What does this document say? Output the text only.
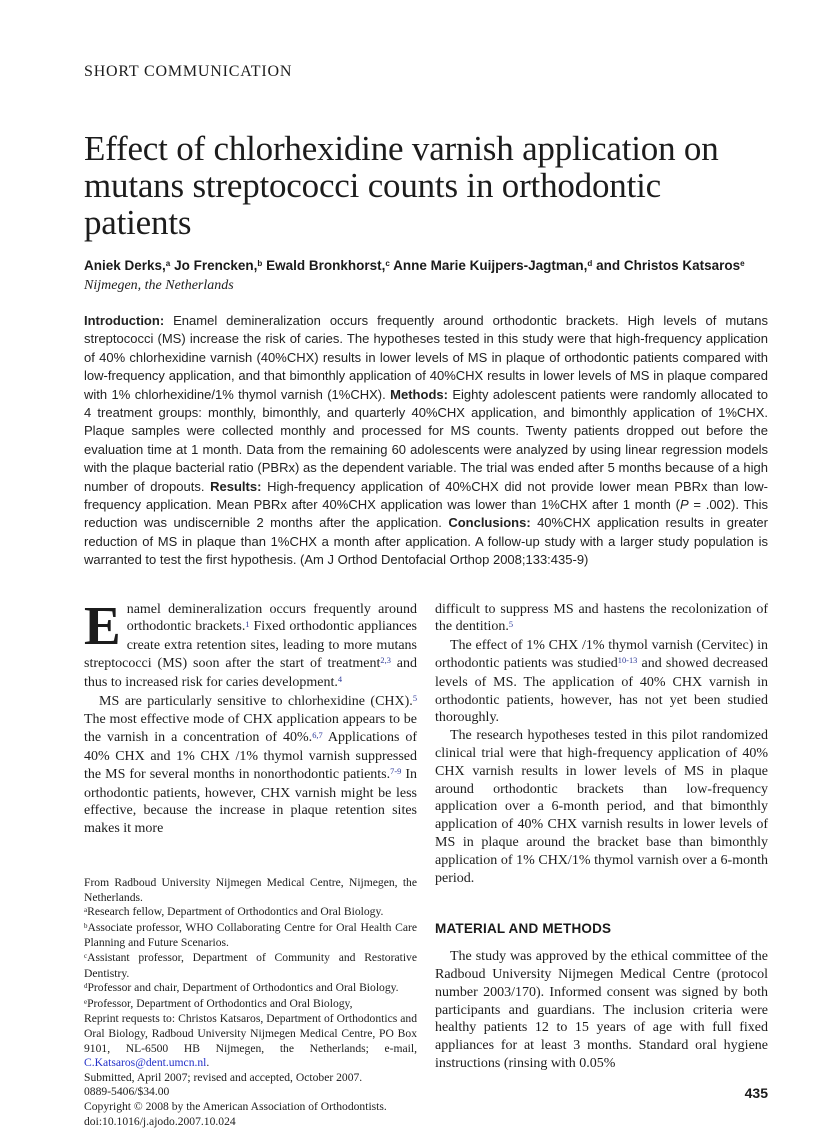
SHORT COMMUNICATION
Effect of chlorhexidine varnish application on mutans streptococci counts in orthodontic patients
Aniek Derks,$^a$ Jo Frencken,$^b$ Ewald Bronkhorst,$^c$ Anne Marie Kuijpers-Jagtman,$^d$ and Christos Katsaros$^e$
Nijmegen, the Netherlands
Introduction: Enamel demineralization occurs frequently around orthodontic brackets. High levels of mutans streptococci (MS) increase the risk of caries. The hypotheses tested in this study were that high-frequency application of 40% chlorhexidine varnish (40%CHX) results in lower levels of MS in plaque of orthodontic patients compared with low-frequency application, and that bimonthly application of 40%CHX results in lower levels of MS in plaque compared with 1% chlorhexidine/1% thymol varnish (1%CHX). Methods: Eighty adolescent patients were randomly allocated to 4 treatment groups: monthly, bimonthly, and quarterly 40%CHX application, and bimonthly application of 1%CHX. Plaque samples were collected monthly and processed for MS counts. Twenty patients dropped out before the evaluation time at 1 month. Data from the remaining 60 adolescents were analyzed by using linear regression models with the plaque bacterial ratio (PBRx) as the dependent variable. The trial was ended after 5 months because of a high number of dropouts. Results: High-frequency application of 40%CHX did not provide lower mean PBRx than low-frequency application. Mean PBRx after 40%CHX application was lower than 1%CHX after 1 month (P = .002). This reduction was undiscernible 2 months after the application. Conclusions: 40%CHX application results in greater reduction of MS in plaque than 1%CHX a month after application. A follow-up study with a larger study population is warranted to test the first hypothesis. (Am J Orthod Dentofacial Orthop 2008;133:435-9)

Enamel demineralization occurs frequently around orthodontic brackets.$^1$ Fixed orthodontic appliances create extra retention sites, leading to more mutans streptococci (MS) soon after the start of treatment$^{2,3}$ and thus to increased risk for caries development.$^4$

MS are particularly sensitive to chlorhexidine (CHX).$^5$ The most effective mode of CHX application appears to be the varnish in a concentration of 40%.$^{6,7}$ Applications of 40% CHX and 1% CHX /1% thymol varnish suppressed the MS for several months in nonorthodontic patients.$^{7-9}$ In orthodontic patients, however, CHX varnish might be less effective, because the increase in plaque retention sites makes it more

From Radboud University Nijmegen Medical Centre, Nijmegen, the Netherlands.

$^a$Research fellow, Department of Orthodontics and Oral Biology.

$^b$Associate professor, WHO Collaborating Centre for Oral Health Care Planning and Future Scenarios.

$^c$Assistant professor, Department of Community and Restorative Dentistry.

$^d$Professor and chair, Department of Orthodontics and Oral Biology.

$^e$Professor, Department of Orthodontics and Oral Biology,

Reprint requests to: Christos Katsaros, Department of Orthodontics and Oral Biology, Radboud University Nijmegen Medical Centre, PO Box 9101, NL-6500 HB Nijmegen, the Netherlands; e-mail, C.Katsaros@dent.umcn.nl.

Submitted, April 2007; revised and accepted, October 2007.

0889-5406/$34.00

Copyright © 2008 by the American Association of Orthodontists.

doi:10.1016/j.ajodo.2007.10.024

difficult to suppress MS and hastens the recolonization of the dentition.$^5$

The effect of 1% CHX /1% thymol varnish (Cervitec) in orthodontic patients was studied$^{10-13}$ and showed decreased levels of MS. The application of 40% CHX varnish in orthodontic patients, however, has not yet been studied thoroughly.

The research hypotheses tested in this pilot randomized clinical trial were that high-frequency application of 40% CHX varnish results in lower levels of MS in plaque around orthodontic brackets than low-frequency application over a 6-month period, and that bimonthly application of 40% CHX varnish results in lower levels of MS in plaque around the bracket base than bimonthly application of 1% CHX/1% thymol varnish over a 6-month period.

MATERIAL AND METHODS

The study was approved by the ethical committee of the Radboud University Nijmegen Medical Centre (protocol number 2003/170). Informed consent was signed by both participants and guardians. The inclusion criteria were healthy patients 12 to 15 years of age with full fixed appliances for at least 3 months. Standard oral hygiene instructions (rinsing with 0.05%

435
